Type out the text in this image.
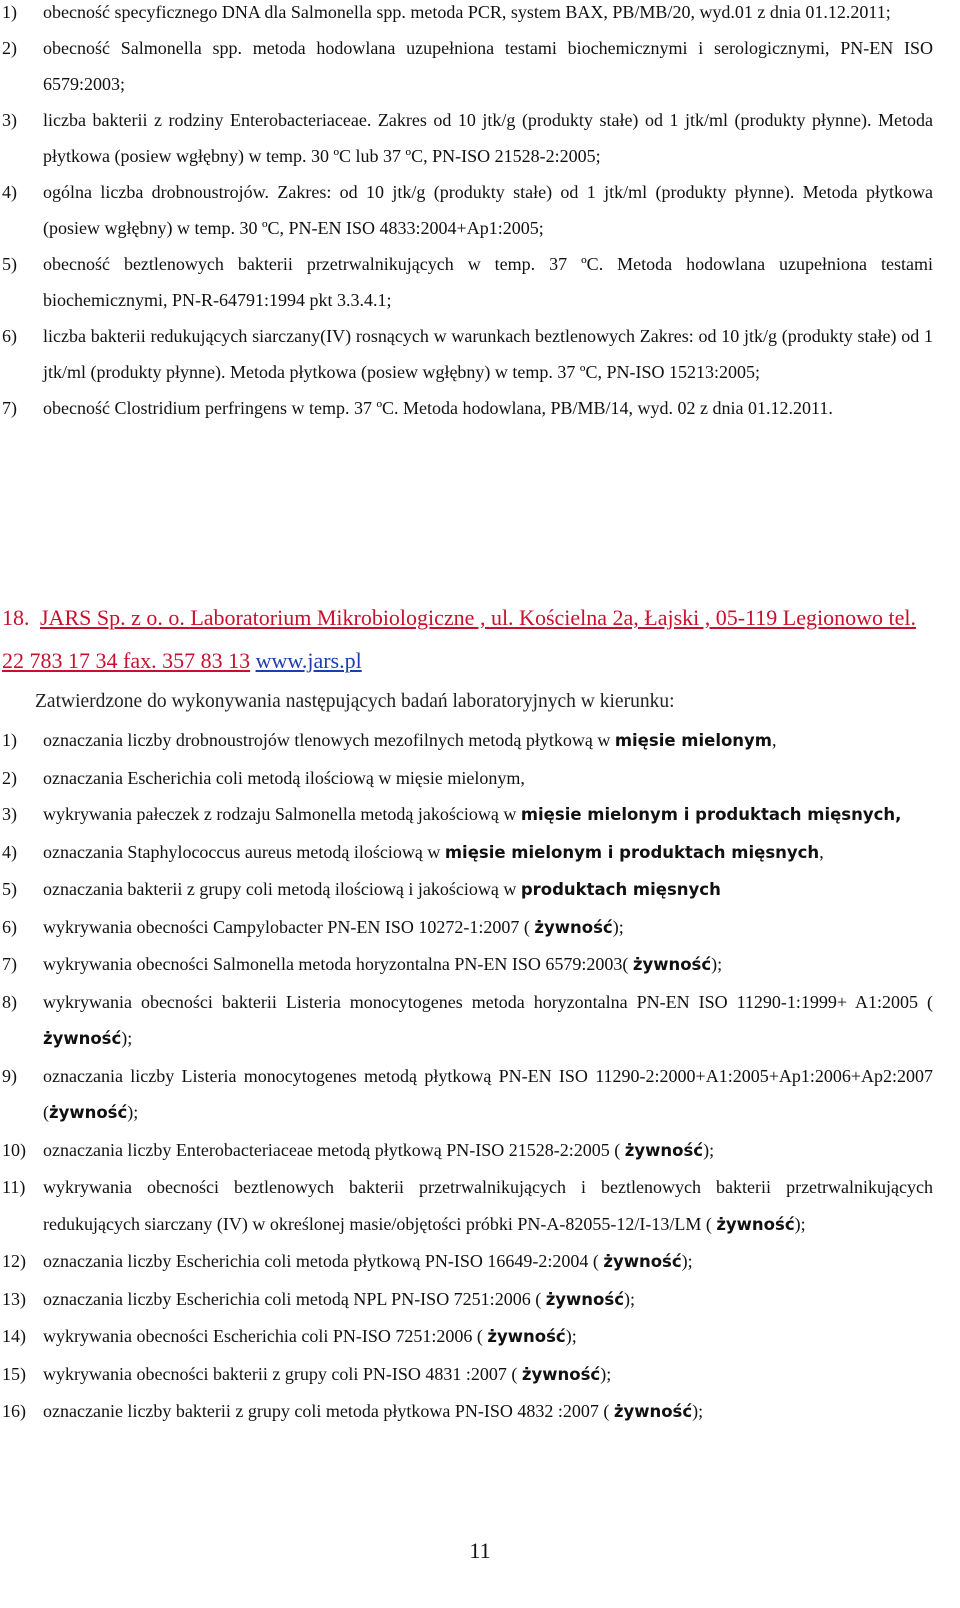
1) obecność specyficznego DNA dla Salmonella spp. metoda PCR, system BAX, PB/MB/20, wyd.01 z dnia 01.12.2011;
2) obecność Salmonella spp. metoda hodowlana uzupełniona testami biochemicznymi i serologicznymi, PN-EN ISO 6579:2003;
3) liczba bakterii z rodziny Enterobacteriaceae. Zakres od 10 jtk/g (produkty stałe) od 1 jtk/ml (produkty płynne). Metoda płytkowa (posiew wgłębny) w temp. 30 ºC lub 37 ºC, PN-ISO 21528-2:2005;
4) ogólna liczba drobnoustrojów. Zakres: od 10 jtk/g (produkty stałe) od 1 jtk/ml (produkty płynne). Metoda płytkowa (posiew wgłębny) w temp. 30 ºC, PN-EN ISO 4833:2004+Ap1:2005;
5) obecność beztlenowych bakterii przetrwalnikujących w temp. 37 ºC. Metoda hodowlana uzupełniona testami biochemicznymi, PN-R-64791:1994 pkt 3.3.4.1;
6) liczba bakterii redukujących siarczany(IV) rosnących w warunkach beztlenowych Zakres: od 10 jtk/g (produkty stałe) od 1 jtk/ml (produkty płynne). Metoda płytkowa (posiew wgłębny) w temp. 37 ºC, PN-ISO 15213:2005;
7) obecność Clostridium perfringens w temp. 37 ºC. Metoda hodowlana, PB/MB/14, wyd. 02 z dnia 01.12.2011.
18. JARS Sp. z o. o. Laboratorium Mikrobiologiczne , ul. Kościelna 2a, Łajski , 05-119 Legionowo tel. 22 783 17 34 fax. 357 83 13 www.jars.pl
Zatwierdzone do wykonywania następujących badań laboratoryjnych w kierunku:
1) oznaczania liczby drobnoustrojów tlenowych mezofilnych metodą płytkową w mięsie mielonym,
2) oznaczania Escherichia coli metodą ilościową w mięsie mielonym,
3) wykrywania pałeczek z rodzaju Salmonella metodą jakościową w mięsie mielonym i produktach mięsnych,
4) oznaczania Staphylococcus aureus metodą ilościową w mięsie mielonym i produktach mięsnych,
5) oznaczania bakterii z grupy coli metodą ilościową i jakościową w produktach mięsnych
6) wykrywania obecności Campylobacter PN-EN ISO 10272-1:2007 ( żywność);
7) wykrywania obecności Salmonella metoda horyzontalna PN-EN ISO 6579:2003( żywność);
8) wykrywania obecności bakterii Listeria monocytogenes metoda horyzontalna PN-EN ISO 11290-1:1999+ A1:2005 ( żywność);
9) oznaczania liczby Listeria monocytogenes metodą płytkową PN-EN ISO 11290-2:2000+A1:2005+Ap1:2006+Ap2:2007 (żywność);
10) oznaczania liczby Enterobacteriaceae metodą płytkową PN-ISO 21528-2:2005 ( żywność);
11) wykrywania obecności beztlenowych bakterii przetrwalnikujących i beztlenowych bakterii przetrwalnikujących redukujących siarczany (IV) w określonej masie/objętości próbki PN-A-82055-12/I-13/LM ( żywność);
12) oznaczania liczby Escherichia coli metoda płytkową PN-ISO 16649-2:2004 ( żywność);
13) oznaczania liczby Escherichia coli metodą NPL PN-ISO 7251:2006 ( żywność);
14) wykrywania obecności Escherichia coli PN-ISO 7251:2006 ( żywność);
15) wykrywania obecności bakterii z grupy coli PN-ISO 4831 :2007 ( żywność);
16) oznaczanie liczby bakterii z grupy coli metoda płytkowa PN-ISO 4832 :2007 ( żywność);
11
